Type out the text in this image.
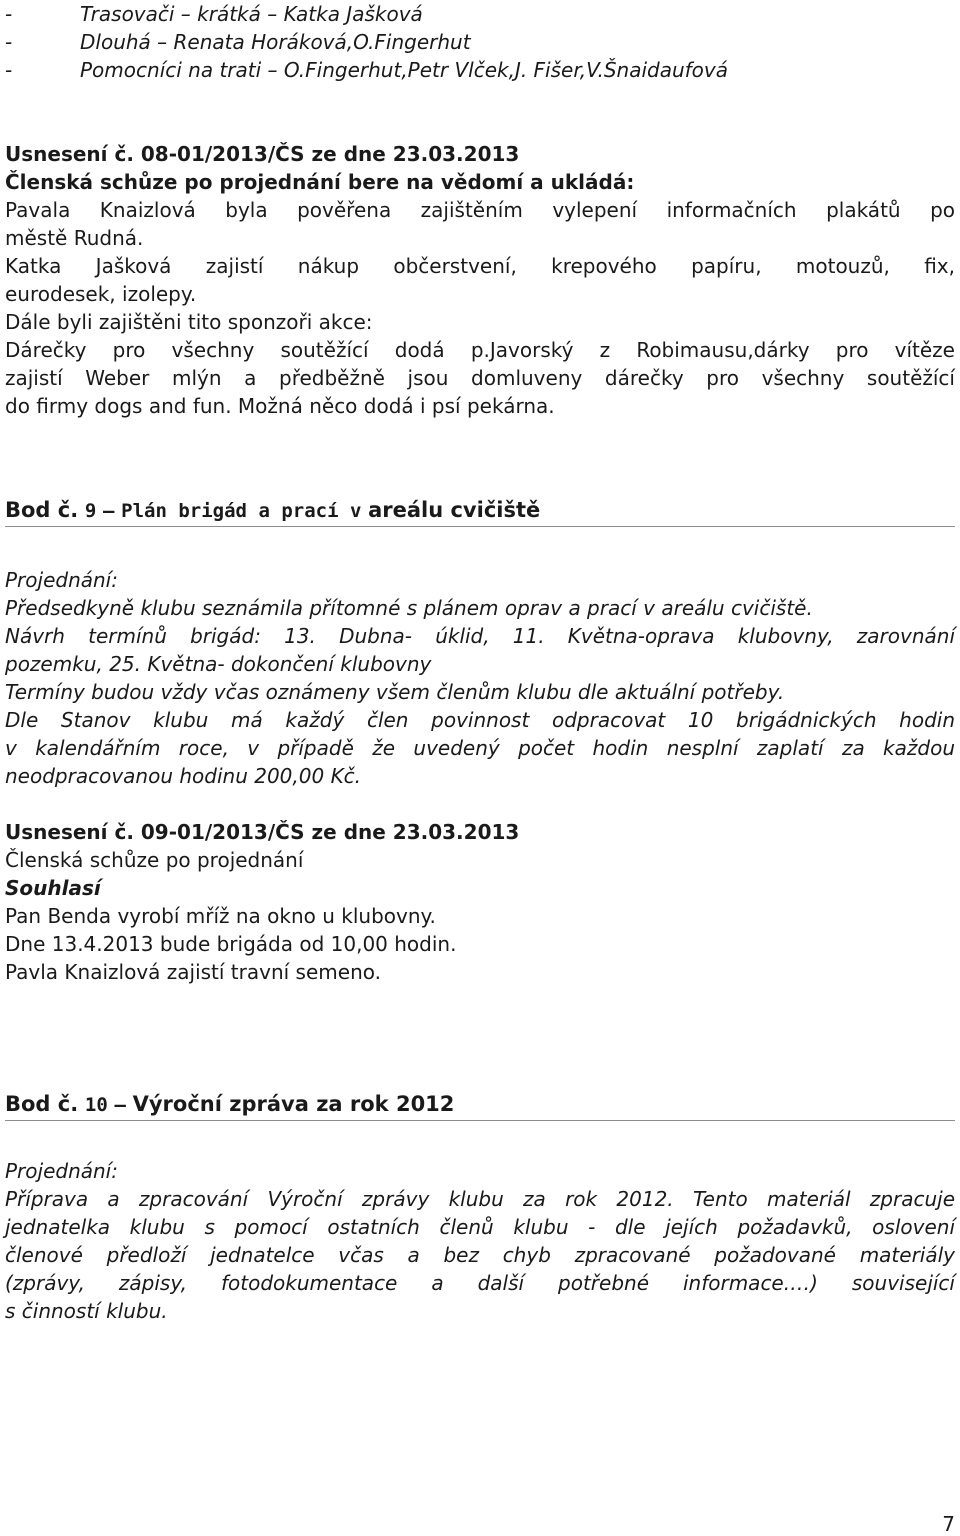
-	Trasovači – krátká – Katka Jašková
-	Dlouhá – Renata Horáková,O.Fingerhut
-	Pomocníci na trati – O.Fingerhut,Petr Vlček,J. Fišer,V.Šnaidaufová
Usnesení č. 08-01/2013/ČS ze dne 23.03.2013
Členská schůze po projednání bere na vědomí a ukládá:
Pavala Knaizlová byla pověřena zajištěním vylepení informačních plakátů po
městě Rudná.
Katka Jašková zajistí nákup občerstvení, krepového papíru, motouzů, fix,
eurodesek, izolepy.
Dále byli zajištěni tito sponzoři akce:
Dárečky pro všechny soutěžící dodá p.Javorský z Robimausu,dárky pro vítěze
zajistí Weber mlýn a předběžně jsou domluveny dárečky pro všechny soutěžící
do firmy dogs and fun. Možná něco dodá i psí pekárna.
Bod č. 9 — Plán brigád a prací v areálu cvičiště
Projednání:
Předsedkyně klubu seznámila přítomné s plánem oprav a prací v areálu cvičiště.
Návrh termínů brigád: 13. Dubna- úklid, 11. Května-oprava klubovny, zarovnání
pozemku, 25. Května- dokončení klubovny
Termíny budou vždy včas oznámeny všem členům klubu dle aktuální potřeby.
Dle Stanov klubu má každý člen povinnost odpracovat 10 brigádnických hodin
v kalendářním roce, v případě že uvedený počet hodin nesplní zaplatí za každou
neodpracovanou hodinu 200,00 Kč.
Usnesení č. 09-01/2013/ČS ze dne 23.03.2013
Členská schůze po projednání
Souhlasí
Pan Benda vyrobí mříž na okno u klubovny.
Dne 13.4.2013 bude brigáda od 10,00 hodin.
Pavla Knaizlová zajistí travní semeno.
Bod č. 10 — Výroční zpráva za rok 2012
Projednání:
Příprava a zpracování Výroční zprávy klubu za rok 2012. Tento materiál zpracuje
jednatelka klubu s pomocí ostatních členů klubu - dle jejích požadavků, oslovení
členové předloží jednatelce včas a bez chyb zpracované požadované materiály
(zprávy, zápisy, fotodokumentace a další potřebné informace.…) související
s činností klubu.
7
